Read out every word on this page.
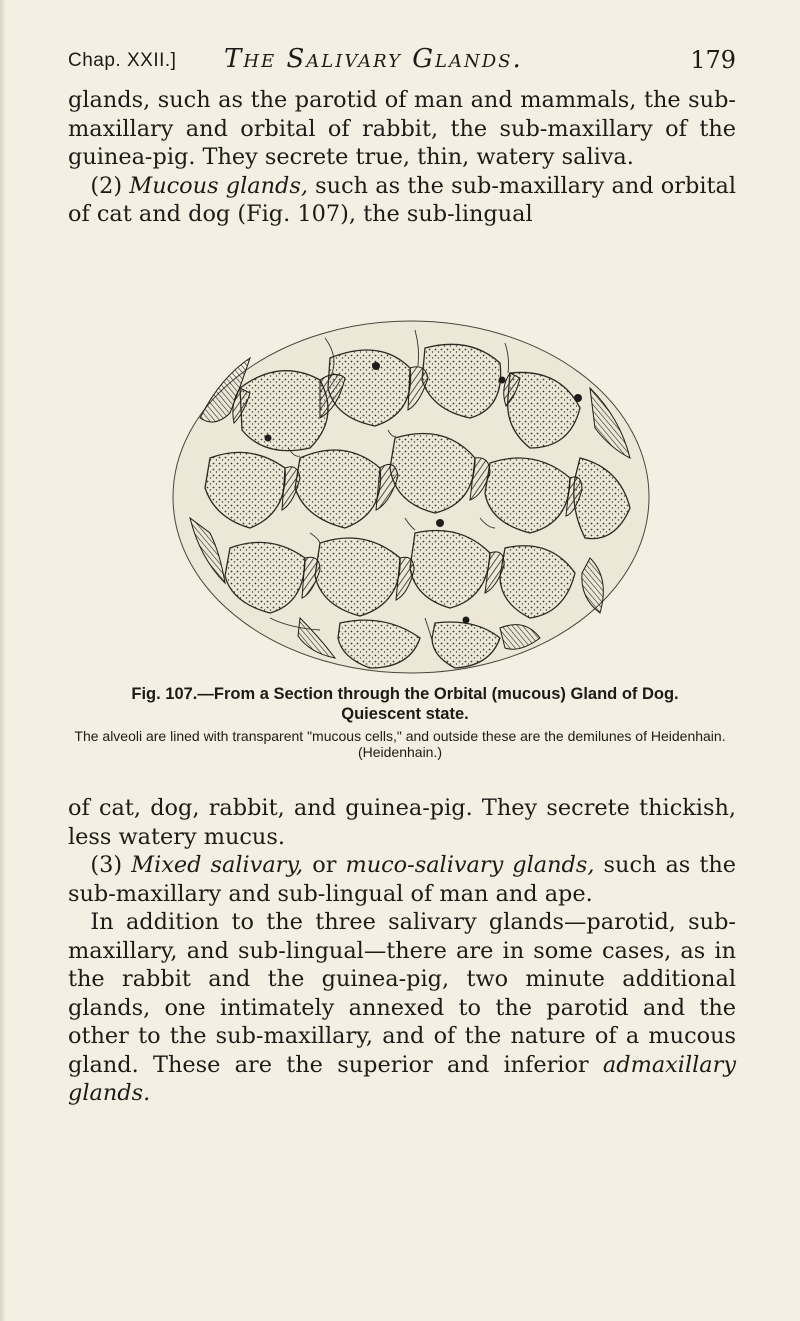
Chap. XXII.] The Salivary Glands.	179
glands, such as the parotid of man and mammals, the sub-maxillary and orbital of rabbit, the sub-maxillary of the guinea-pig. They secrete true, thin, watery saliva.
 (2) Mucous glands, such as the sub-maxillary and orbital of cat and dog (Fig. 107), the sub-lingual
Fig. 107.—From a Section through the Orbital (mucous) Gland of Dog. Quiescent state.
The alveoli are lined with transparent "mucous cells," and outside these are the demilunes of Heidenhain. (Heidenhain.)
of cat, dog, rabbit, and guinea-pig. They secrete thickish, less watery mucus.
 (3) Mixed salivary, or muco-salivary glands, such as the sub-maxillary and sub-lingual of man and ape.
 In addition to the three salivary glands—parotid, sub-maxillary, and sub-lingual—there are in some cases, as in the rabbit and the guinea-pig, two minute additional glands, one intimately annexed to the parotid and the other to the sub-maxillary, and of the nature of a mucous gland. These are the superior and inferior admaxillary glands.
